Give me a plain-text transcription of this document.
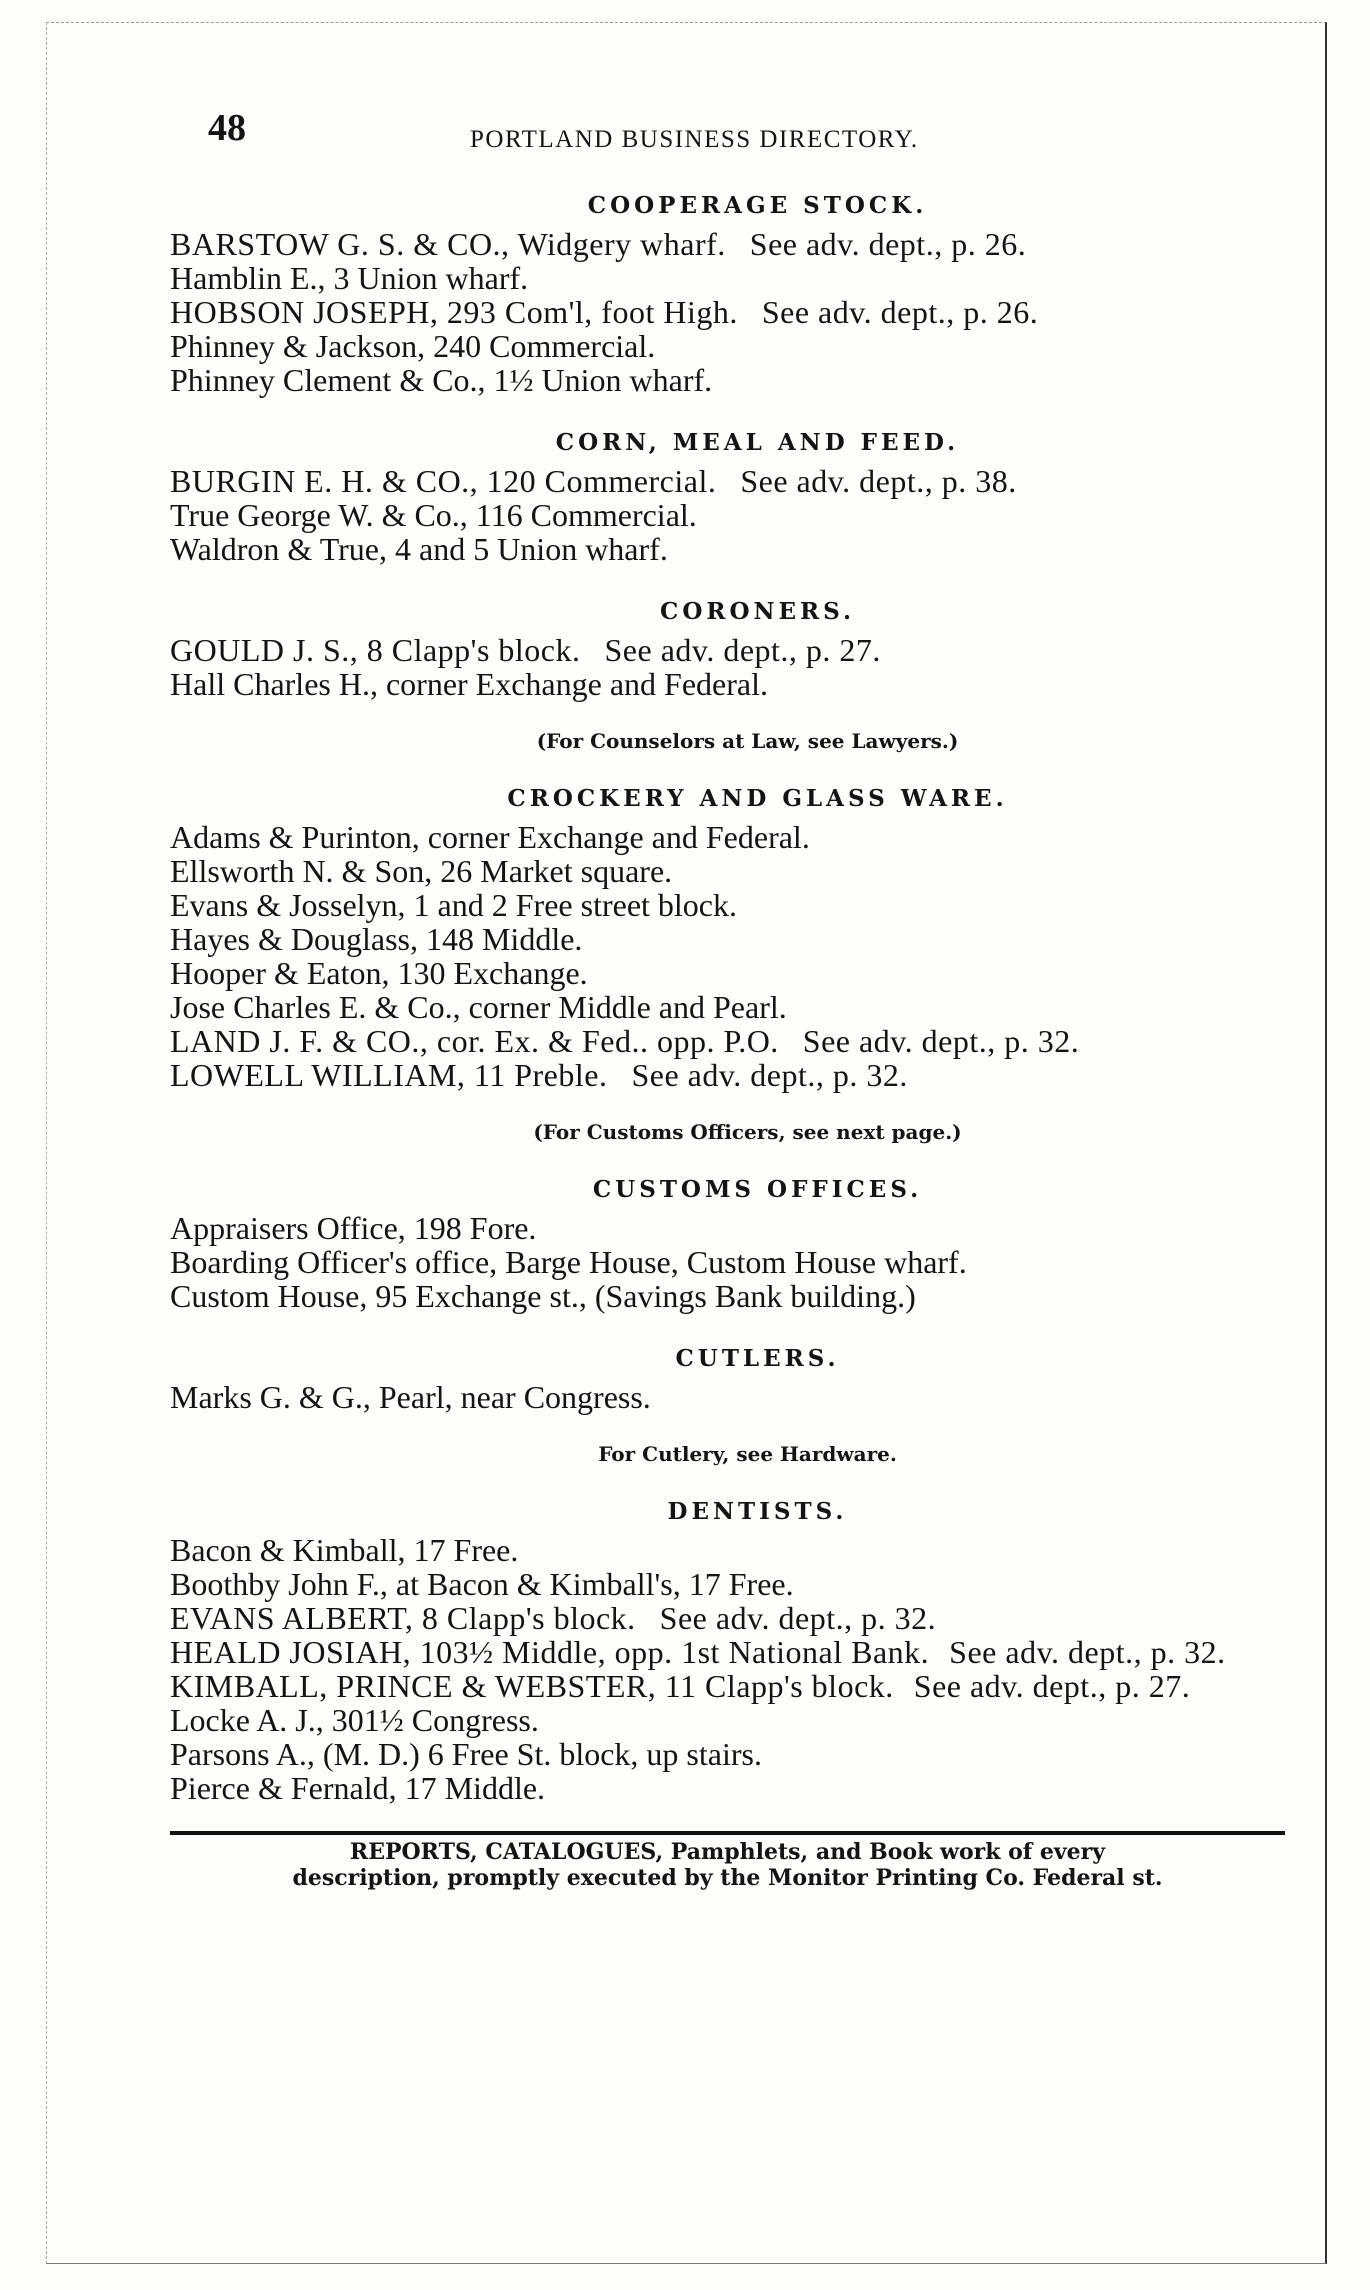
48	PORTLAND BUSINESS DIRECTORY.
COOPERAGE STOCK.
BARSTOW G. S. & CO., Widgery wharf. See adv. dept., p. 26.
Hamblin E., 3 Union wharf.
HOBSON JOSEPH, 293 Com'l, foot High. See adv. dept., p. 26.
Phinney & Jackson, 240 Commercial.
Phinney Clement & Co., 1½ Union wharf.
CORN, MEAL AND FEED.
BURGIN E. H. & CO., 120 Commercial. See adv. dept., p. 38.
True George W. & Co., 116 Commercial.
Waldron & True, 4 and 5 Union wharf.
CORONERS.
GOULD J. S., 8 Clapp's block. See adv. dept., p. 27.
Hall Charles H., corner Exchange and Federal.
(For Counselors at Law, see Lawyers.)
CROCKERY AND GLASS WARE.
Adams & Purinton, corner Exchange and Federal.
Ellsworth N. & Son, 26 Market square.
Evans & Josselyn, 1 and 2 Free street block.
Hayes & Douglass, 148 Middle.
Hooper & Eaton, 130 Exchange.
Jose Charles E. & Co., corner Middle and Pearl.
LAND J. F. & CO., cor. Ex. & Fed.. opp. P.O. See adv. dept., p. 32.
LOWELL WILLIAM, 11 Preble. See adv. dept., p. 32.
(For Customs Officers, see next page.)
CUSTOMS OFFICES.
Appraisers Office, 198 Fore.
Boarding Officer's office, Barge House, Custom House wharf.
Custom House, 95 Exchange st., (Savings Bank building.)
CUTLERS.
Marks G. & G., Pearl, near Congress.
For Cutlery, see Hardware.
DENTISTS.
Bacon & Kimball, 17 Free.
Boothby John F., at Bacon & Kimball's, 17 Free.
EVANS ALBERT, 8 Clapp's block. See adv. dept., p. 32.
HEALD JOSIAH, 103½ Middle, opp. 1st National Bank. See adv. dept., p. 32.
KIMBALL, PRINCE & WEBSTER, 11 Clapp's block. See adv. dept., p. 27.
Locke A. J., 301½ Congress.
Parsons A., (M. D.) 6 Free St. block, up stairs.
Pierce & Fernald, 17 Middle.
REPORTS, CATALOGUES, Pamphlets, and Book work of every
description, promptly executed by the Monitor Printing Co. Federal st.
